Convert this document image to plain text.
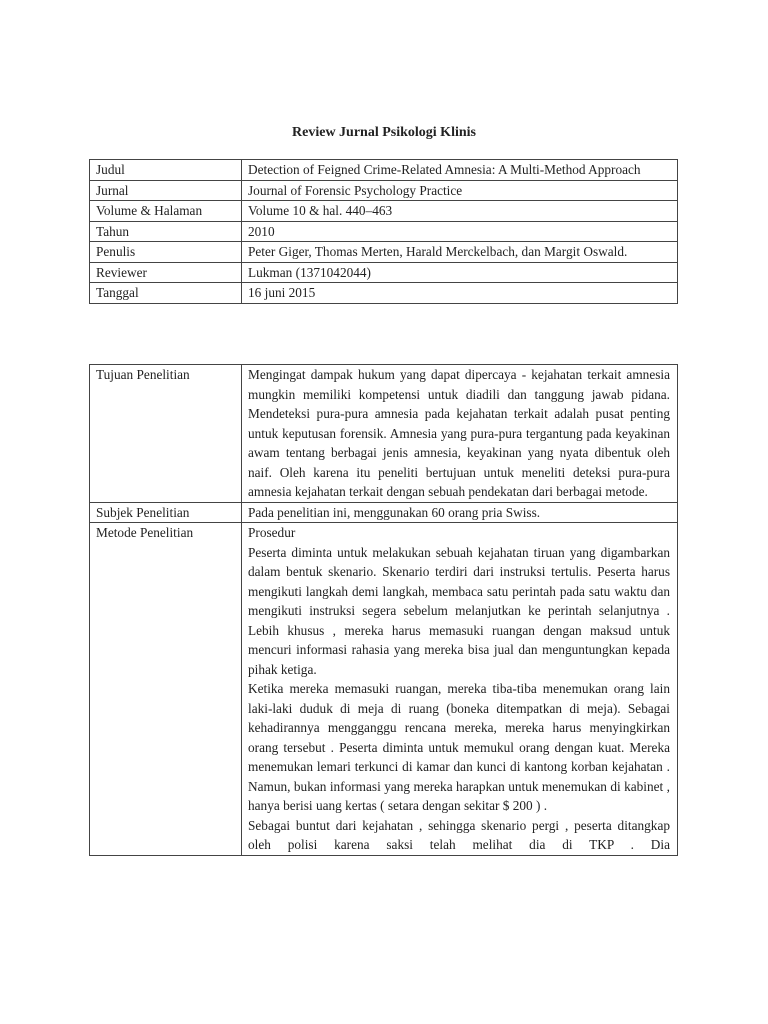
Review Jurnal Psikologi Klinis
Judul	Detection of Feigned Crime-Related Amnesia: A Multi-Method Approach
Jurnal	Journal of Forensic Psychology Practice
Volume & Halaman	Volume 10 & hal. 440–463
Tahun	2010
Penulis	Peter Giger, Thomas Merten, Harald Merckelbach, dan Margit Oswald.
Reviewer	Lukman (1371042044)
Tanggal	16 juni 2015
Tujuan Penelitian	Mengingat dampak hukum yang dapat dipercaya - kejahatan terkait amnesia mungkin memiliki kompetensi untuk diadili dan tanggung jawab pidana. Mendeteksi pura-pura amnesia pada kejahatan terkait adalah pusat penting untuk keputusan forensik. Amnesia yang pura-pura tergantung pada keyakinan awam tentang berbagai jenis amnesia, keyakinan yang nyata dibentuk oleh naif. Oleh karena itu peneliti bertujuan untuk meneliti deteksi pura-pura amnesia kejahatan terkait dengan sebuah pendekatan dari berbagai metode.
Subjek Penelitian	Pada penelitian ini, menggunakan 60 orang pria Swiss.
Metode Penelitian	Prosedur

Peserta diminta untuk melakukan sebuah kejahatan tiruan yang digambarkan dalam bentuk skenario. Skenario terdiri dari instruksi tertulis. Peserta harus mengikuti langkah demi langkah, membaca satu perintah pada satu waktu dan mengikuti instruksi segera sebelum melanjutkan ke perintah selanjutnya . Lebih khusus , mereka harus memasuki ruangan dengan maksud untuk mencuri informasi rahasia yang mereka bisa jual dan menguntungkan kepada pihak ketiga.

Ketika mereka memasuki ruangan, mereka tiba-tiba menemukan orang lain laki-laki duduk di meja di ruang (boneka ditempatkan di meja). Sebagai kehadirannya mengganggu rencana mereka, mereka harus menyingkirkan orang tersebut . Peserta diminta untuk memukul orang dengan kuat. Mereka menemukan lemari terkunci di kamar dan kunci di kantong korban kejahatan . Namun, bukan informasi yang mereka harapkan untuk menemukan di kabinet , hanya berisi uang kertas ( setara dengan sekitar $ 200 ) .

Sebagai buntut dari kejahatan , sehingga skenario pergi , peserta ditangkap oleh polisi karena saksi telah melihat dia di TKP . Dia
